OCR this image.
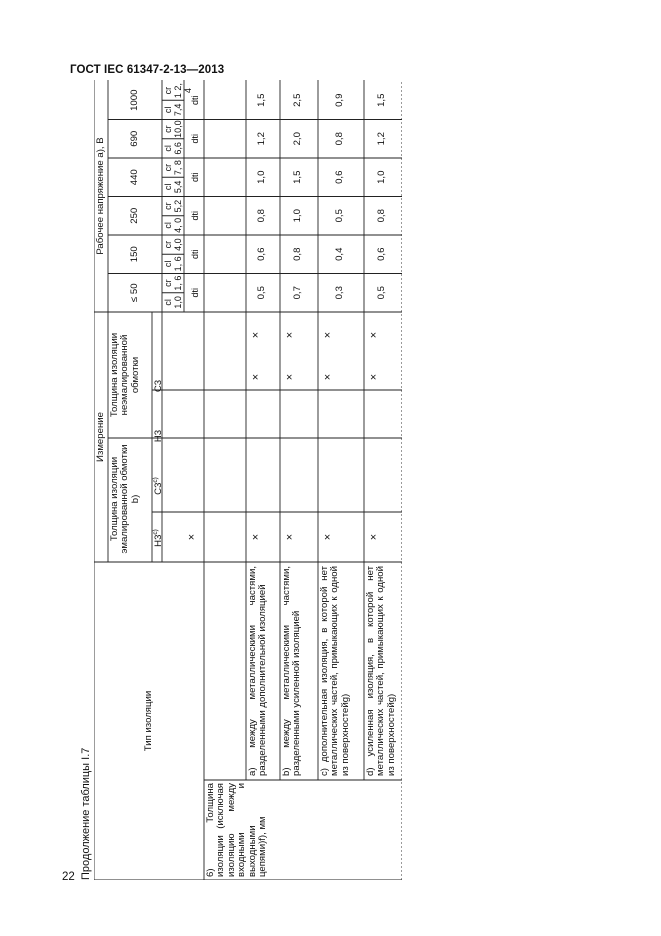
ГОСТ IEC 61347-2-13—2013
22 Продолжение таблицы I.7
Тип изоляции
Измерение
Толщина изоляции эмалированной обмотки b)
Толщина изоляции неэмалированной обмотки
Н3$^{c)}$
С3$^{c)}$
Н3
С3
Рабочее напряжение a), В
≤ 50
cl
cr
1,0
1, 6
dti
150
cl
cr
1, 6
4,0
dti
250
cl
cr
4, 0
5,2
dti
440
cl
cr
5,4
7, 8
dti
690
cl
cr
6,6
10,0
dti
1000	cl
cr
7,4
1 2, 4
dti
6) Толщина изоляции (исключая изоляцию между входными и выходными цепями)f), мм
a) между металлическими частями, разделенными дополнительной изоляцией b) между металлическими частями, разделенными усиленной изоляцией c) дополнительная изоляция, в которой нет металлических частей, примыкающих к одной из поверхностейg) d) усиленная изоляция, в которой нет металлических частей, примыкающих к одной из поверхностейg)
×	×
×
×
×
×
×
×
×
×
×
×
×
0,5
0,6
0,8
1,0
1,2
1,5
0,7
0,8
1,0
1,5
2,0
2,5
0,3
0,4
0,5
0,6
0,8
0,9
0,5
0,6
0,8
1,0
1,2
1,5
